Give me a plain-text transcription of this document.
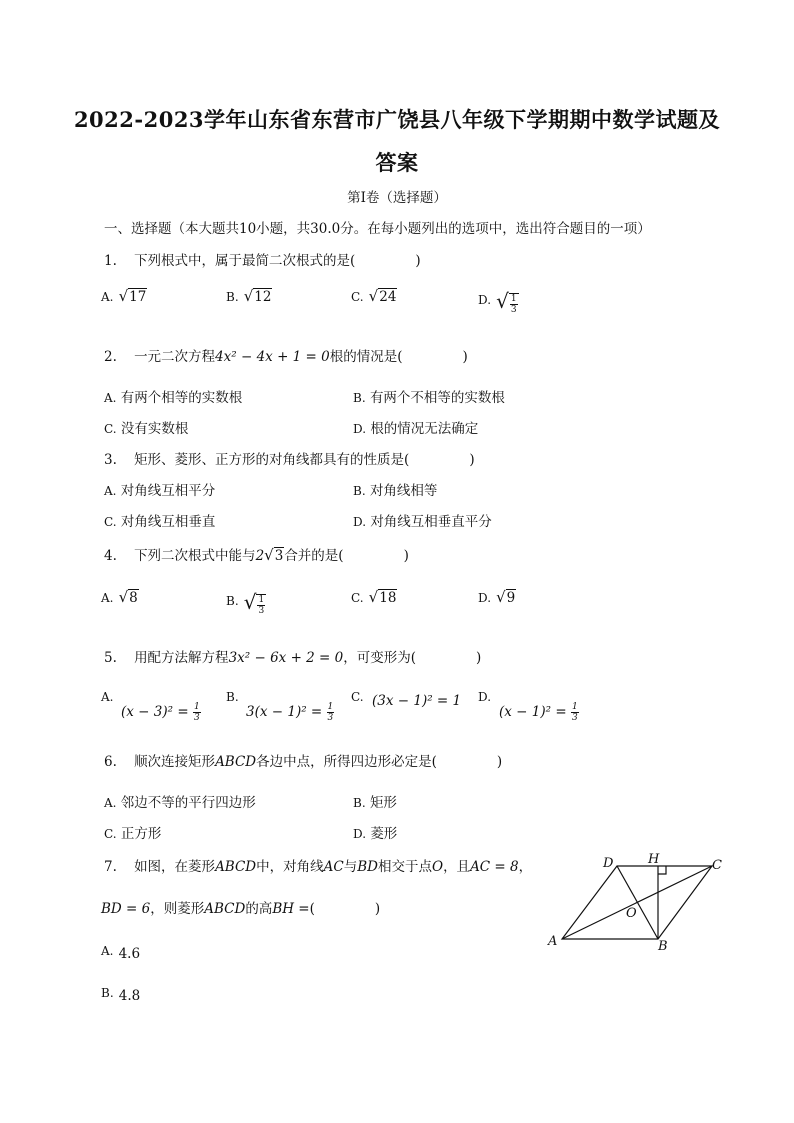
2022-2023学年山东省东营市广饶县八年级下学期期中数学试题及
答案
第I卷（选择题）
一、选择题（本大题共10小题，共30.0分。在每小题列出的选项中，选出符合题目的一项）
1. 下列根式中，属于最简二次根式的是(	)
A. √17	B. √12	C. √24	D. √ $\frac{1}{3}$
2. 一元二次方程4x² − 4x + 1 = 0根的情况是(	)
A. 有两个相等的实数根	B. 有两个不相等的实数根
C. 没有实数根	D. 根的情况无法确定
3. 矩形、菱形、正方形的对角线都具有的性质是(	)
A. 对角线互相平分	B. 对角线相等
C. 对角线互相垂直	D. 对角线互相垂直平分
4. 下列二次根式中能与2√3合并的是(	)
A. √8	B. √ $\frac{1}{3}$	C. √18	D. √9
5. 用配方法解方程3x² − 6x + 2 = 0，可变形为(	)
A.
$(x - 3)^2 = \frac{1}{3}$
B.
$3(x - 1)^2 = \frac{1}{3}$
C. (3x − 1)² = 1 D.
$(x - 1)^2 = \frac{1}{3}$
6. 顺次连接矩形ABCD各边中点，所得四边形必定是(	)
A. 邻边不等的平行四边形	B. 矩形
C. 正方形	D. 菱形
7. 如图，在菱形ABCD中，对角线AC与BD相交于点O，且AC = 8，
BD = 6，则菱形ABCD的高BH =(	)
A. 4.6
B. 4.8
A	B
C
D	H
O
